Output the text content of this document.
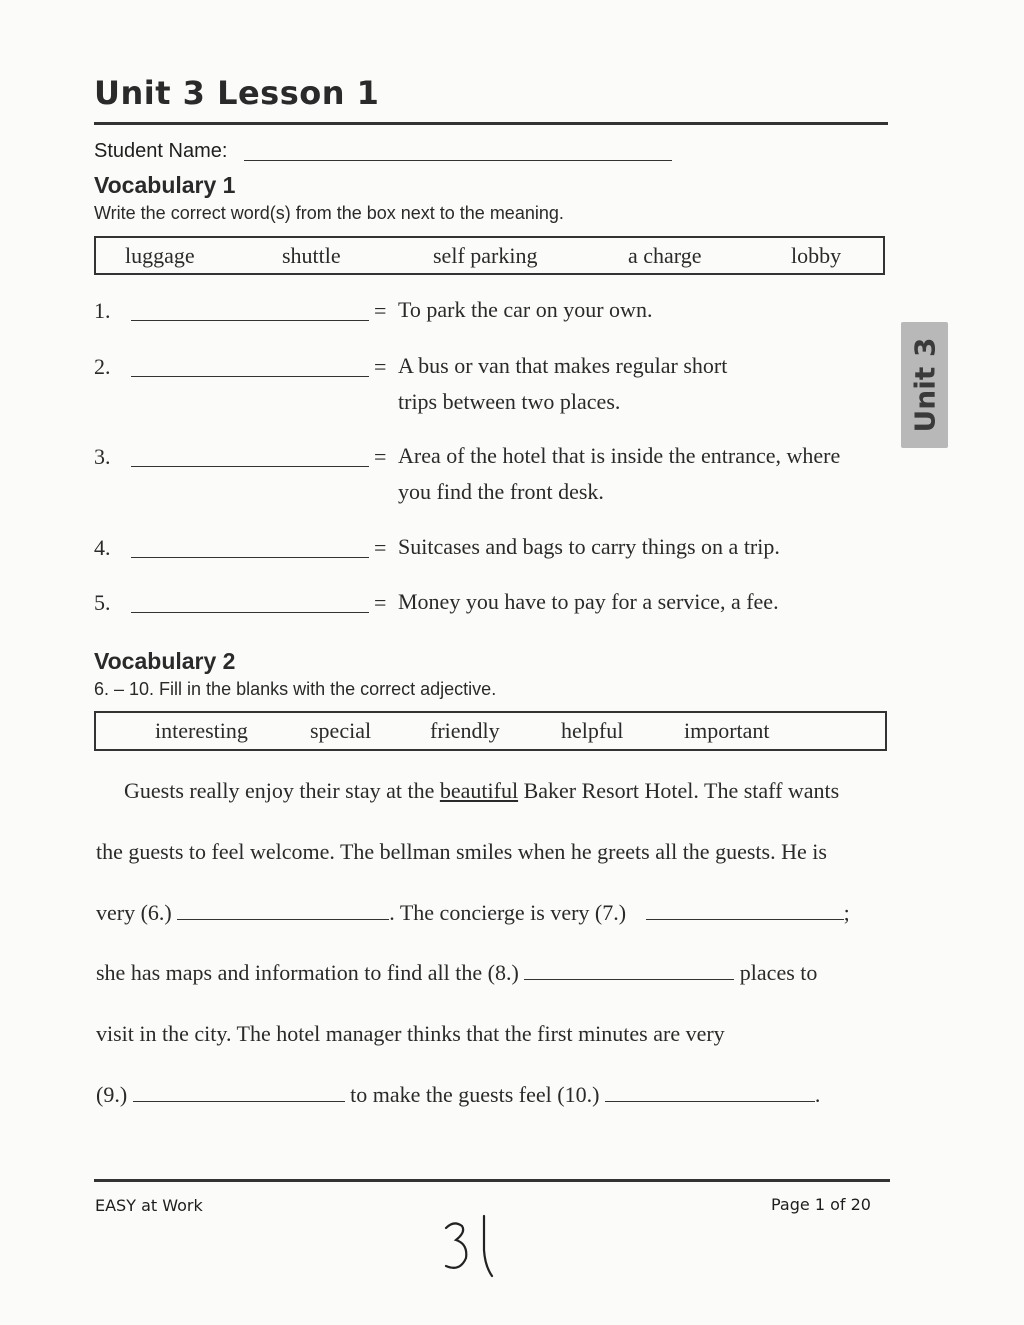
Unit 3 Lesson 1
Student Name:
Vocabulary 1
Write the correct word(s) from the box next to the meaning.
luggage	shuttle	self parking	a charge	lobby
1.	= To park the car on your own.
2.	= A bus or van that makes regular short trips between two places.
3.	= Area of the hotel that is inside the entrance, where you find the front desk.
4.	= Suitcases and bags to carry things on a trip.
5.	= Money you have to pay for a service, a fee.
Vocabulary 2
6. – 10. Fill in the blanks with the correct adjective.
interesting	special	friendly	helpful	important
Guests really enjoy their stay at the beautiful Baker Resort Hotel. The staff wants
the guests to feel welcome. The bellman smiles when he greets all the guests. He is
very (6.)	. The concierge is very (7.)	;
she has maps and information to find all the (8.)	places to
visit in the city. The hotel manager thinks that the first minutes are very
(9.)	to make the guests feel (10.)	.
Unit 3
EASY at Work	Page 1 of 20
